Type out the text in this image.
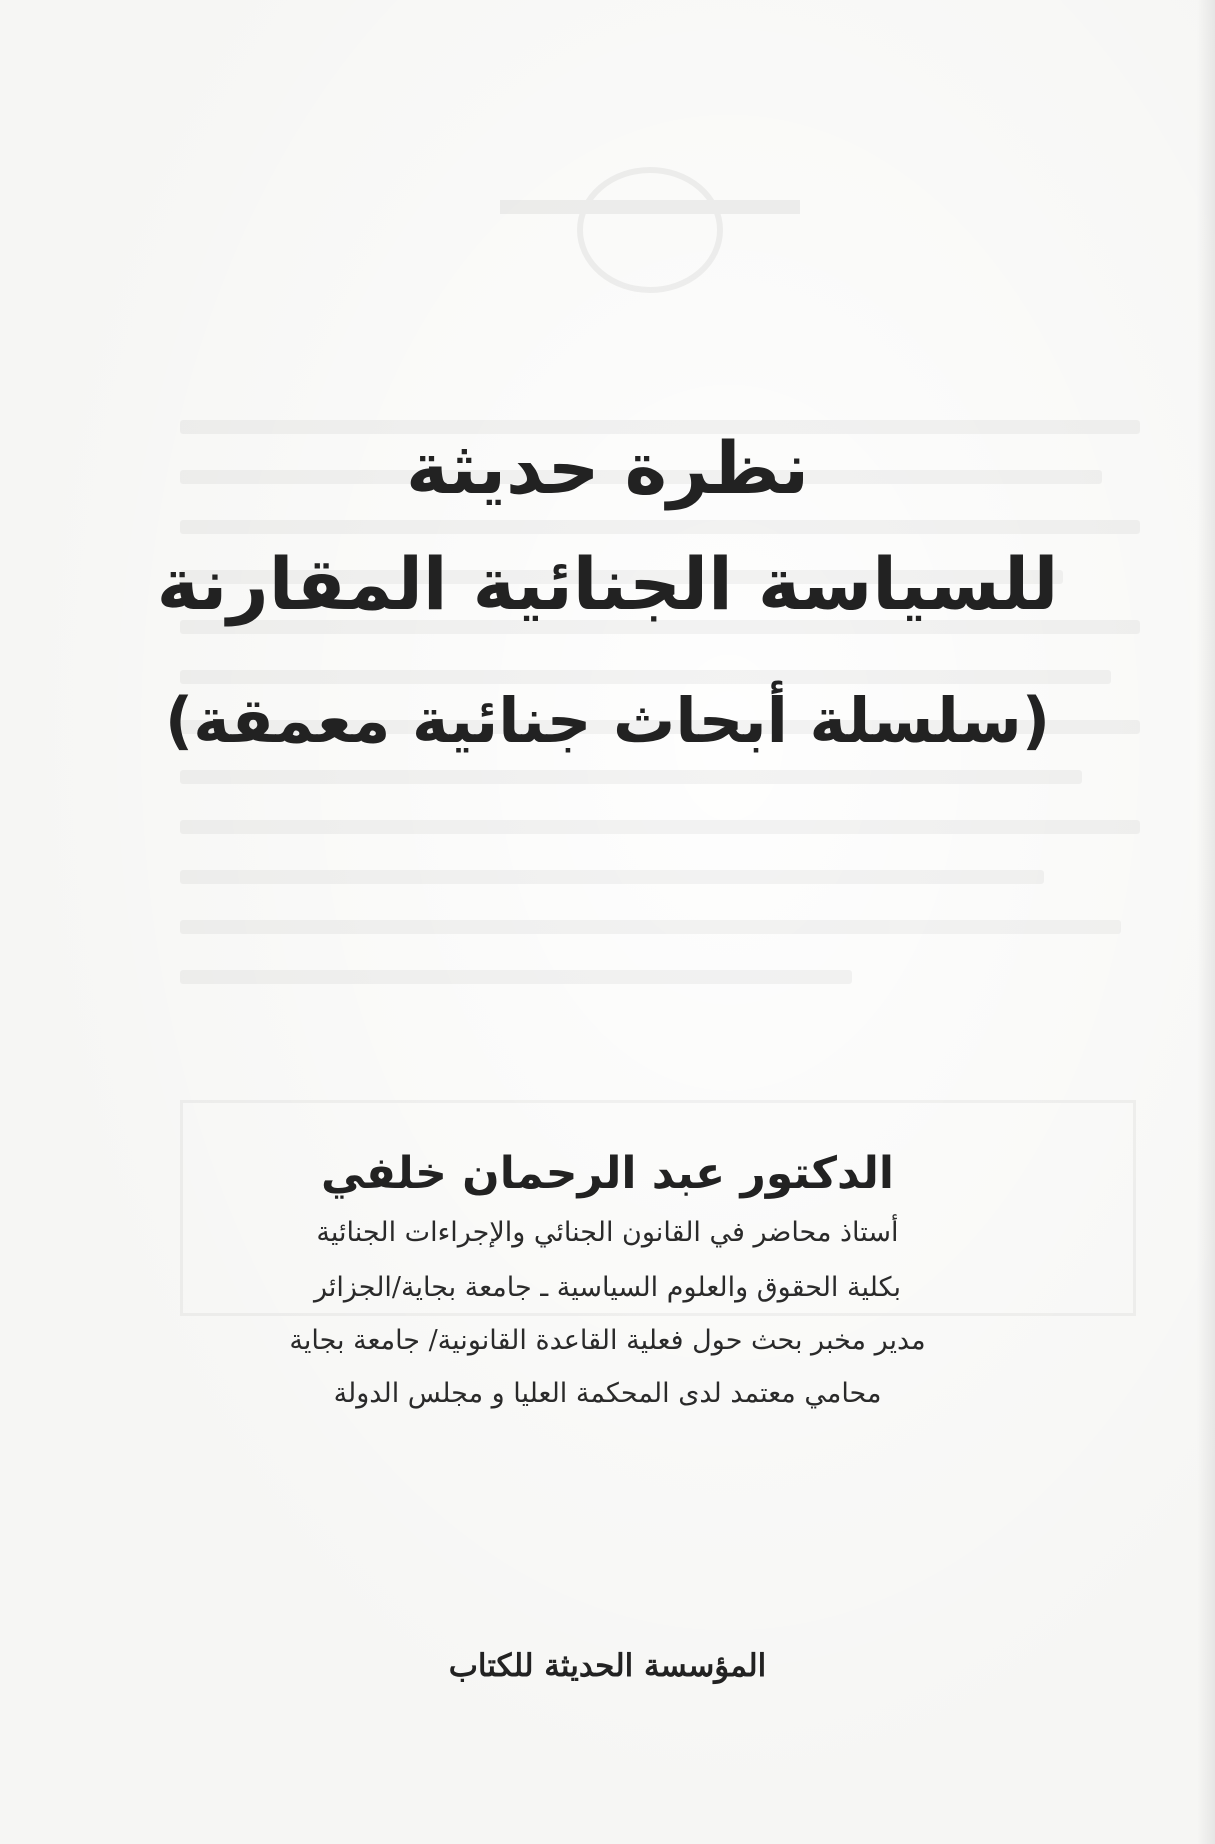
نظرة حديثة
للسياسة الجنائية المقارنة
(سلسلة أبحاث جنائية معمقة)
الدكتور عبد الرحمان خلفي
أستاذ محاضر في القانون الجنائي والإجراءات الجنائية
بكلية الحقوق والعلوم السياسية ـ جامعة بجاية/الجزائر
مدير مخبر بحث حول فعلية القاعدة القانونية/ جامعة بجاية
محامي معتمد لدى المحكمة العليا و مجلس الدولة
المؤسسة الحديثة للكتاب
